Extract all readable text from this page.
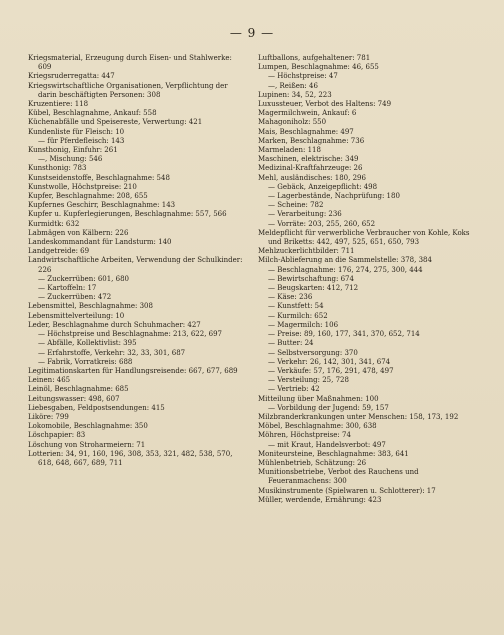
— 9 —

Kriegsmaterial, Erzeugung durch Eisen- und Stahlwerke: 609

Kriegsruderregatta: 447

Kriegswirtschaftliche Organisationen, Verpflichtung der darin beschäftigten Personen: 308

Kruzentiere: 118

Kübel, Beschlagnahme, Ankauf: 558

Küchenabfälle und Speisereste, Verwertung: 421

Kundenliste für Fleisch: 10

— für Pferdefleisch: 143

Kunsthonig, Einfuhr: 261

—, Mischung: 546

Kunsthonig: 783

Kunstseidenstoffe, Beschlagnahme: 548

Kunstwolle, Höchstpreise: 210

Kupfer, Beschlagnahme: 208, 655

Kupfernes Geschirr, Beschlagnahme: 143

Kupfer u. Kupferlegierungen, Beschlagnahme: 557, 566

Kurmidtk: 632

Labmägen von Kälbern: 226

Landeskommandant für Landsturm: 140

Landgetreide: 69

Landwirtschaftliche Arbeiten, Verwendung der Schulkinder: 226

— Zuckerrüben: 601, 680

— Kartoffeln: 17

— Zuckerrüben: 472

Lebensmittel, Beschlagnahme: 308

Lebensmittelverteilung: 10

Leder, Beschlagnahme durch Schuhmacher: 427

— Höchstpreise und Beschlagnahme: 213, 622, 697

— Abfälle, Kollektivlist: 395

— Erfahrstoffe, Verkehr: 32, 33, 301, 687

— Fabrik, Vorratkreis: 688

Legitimationskarten für Handlungsreisende: 667, 677, 689

Leinen: 465

Leinöl, Beschlagnahme: 685

Leitungswasser: 498, 607

Liebesgaben, Feldpostsendungen: 415

Liköre: 799

Lokomobile, Beschlagnahme: 350

Löschpapier: 83

Löschung von Stroharmeiern: 71

Lotterien: 34, 91, 160, 196, 308, 353, 321, 482, 538, 570, 618, 648, 667, 689, 711

Luftballons, aufgehaltener: 781

Lumpen, Beschlagnahme: 46, 655

— Höchstpreise: 47

—, Reißen: 46

Lupinen: 34, 52, 223

Luxussteuer, Verbot des Haltens: 749

Magermilchwein, Ankauf: 6

Mahagoniholz: 550

Mais, Beschlagnahme: 497

Marken, Beschlagnahme: 736

Marmeladen: 118

Maschinen, elektrische: 349

Medizinal-Kraftfahrzeuge: 26

Mehl, ausländisches: 180, 296

— Gebäck, Anzeigepflicht: 498

— Lagerbestände, Nachprüfung: 180

— Scheine: 782

— Verarbeitung: 236

— Vorräte: 203, 255, 260, 652

Meldepflicht für verwerbliche Verbraucher von Kohle, Koks und Briketts: 442, 497, 525, 651, 650, 793

Mehlzuckerlichtbilder: 711

Milch-Ablieferung an die Sammelstelle: 378, 384

— Beschlagnahme: 176, 274, 275, 300, 444

— Bewirtschaftung: 674

— Beugskarten: 412, 712

— Käse: 236

— Kunstfett: 54

— Kurmilch: 652

— Magermilch: 106

— Preise: 89, 160, 177, 341, 370, 652, 714

— Butter: 24

— Selbstversorgung: 370

— Verkehr: 26, 142, 301, 341, 674

— Verkäufe: 57, 176, 291, 478, 497

— Versteilung: 25, 728

— Vertrieb: 42

Mitteilung über Maßnahmen: 100

— Vorbildung der Jugend: 59, 157

Milzbranderkrankungen unter Menschen: 158, 173, 192

Möbel, Beschlagnahme: 300, 638

Möhren, Höchstpreise: 74

— mit Kraut, Handelsverbot: 497

Moniteursteine, Beschlagnahme: 383, 641

Mühlenbetrieb, Schätzung: 26

Munitionsbetriebe, Verbot des Rauchens und Feueranmachens: 300

Musikinstrumente (Spielwaren u. Schlotterer): 17

Müller, werdende, Ernährung: 423
